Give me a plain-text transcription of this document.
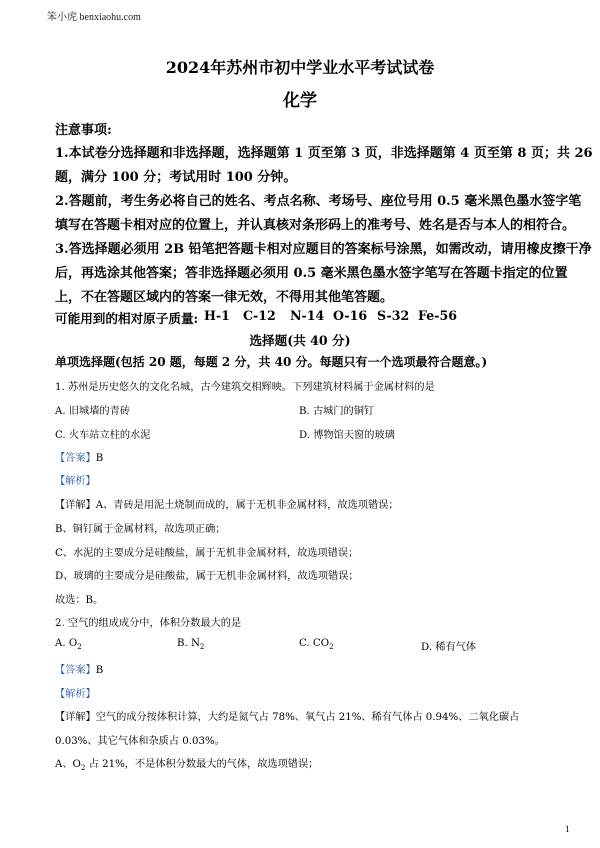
笨小虎 benxiaohu.com
2024年苏州市初中学业水平考试试卷
化学
注意事项:
1.本试卷分选择题和非选择题，选择题第 1 页至第 3 页，非选择题第 4 页至第 8 页；共 26
题，满分 100 分；考试用时 100 分钟。
2.答题前，考生务必将自己的姓名、考点名称、考场号、座位号用 0.5 毫米黑色墨水签字笔
填写在答题卡相对应的位置上，并认真核对条形码上的准考号、姓名是否与本人的相符合。
3.答选择题必须用 2B 铅笔把答题卡相对应题目的答案标号涂黑，如需改动，请用橡皮擦干净
后，再选涂其他答案；答非选择题必须用 0.5 毫米黑色墨水签字笔写在答题卡指定的位置
上，不在答题区域内的答案一律无效，不得用其他笔答题。
可能用到的相对原子质量: H-1 C-12 N-14 O-16 S-32 Fe-56
选择题(共 40 分)
单项选择题(包括 20 题，每题 2 分，共 40 分。每题只有一个选项最符合题意。)
1. 苏州是历史悠久的文化名城，古今建筑交相辉映。下列建筑材料属于金属材料的是
A. 旧城墙的青砖	B. 古城门的铜钉
C. 火车站立柱的水泥	D. 博物馆天窗的玻璃
【答案】B
【解析】
【详解】A、青砖是用泥土烧制而成的，属于无机非金属材料，故选项错误；
B、铜钉属于金属材料，故选项正确；
C、水泥的主要成分是硅酸盐，属于无机非金属材料，故选项错误；
D、玻璃的主要成分是硅酸盐，属于无机非金属材料，故选项错误；
故选：B。
2. 空气的组成成分中，体积分数最大的是
A. $O_2$	B. $N_2$	C. $CO_2$	D. 稀有气体
【答案】B
【解析】
【详解】空气的成分按体积计算，大约是氮气占 78%、氧气占 21%、稀有气体占 0.94%、二氧化碳占
0.03%、其它气体和杂质占 0.03%。
A、$O_2$ 占 21%，不是体积分数最大的气体，故选项错误；
1
